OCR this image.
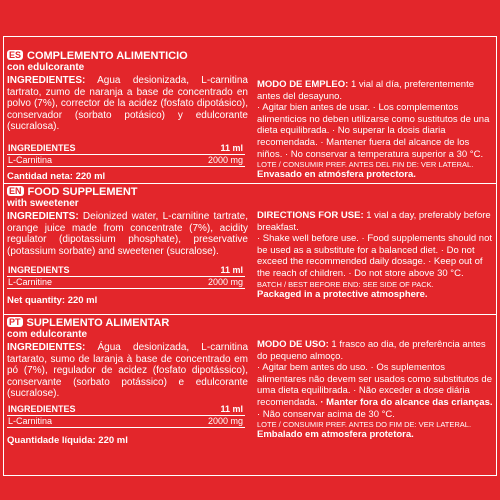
ES COMPLEMENTO ALIMENTICIO
con edulcorante
INGREDIENTES: Agua desionizada, L-carnitina tartrato, zumo de naranja a base de concentrado en polvo (7%), corrector de la acidez (fosfato dipotásico), conservador (sorbato potásico) y edulcorante (sucralosa).
INGREDIENTES	11 ml
L-Carnitina	2000 mg
Cantidad neta: 220 ml
MODO DE EMPLEO: 1 vial al día, preferentemente antes del desayuno.
· Agitar bien antes de usar. · Los complementos alimenticios no deben utilizarse como sustitutos de una dieta equilibrada. · No superar la dosis diaria recomendada. · Mantener fuera del alcance de los niños. · No conservar a temperatura superior a 30 °C.
LOTE / CONSUMIR PREF. ANTES DEL FIN DE: VER LATERAL.
Envasado en atmósfera protectora.
EN FOOD SUPPLEMENT
with sweetener
INGREDIENTS: Deionized water, L-carnitine tartrate, orange juice made from concentrate (7%), acidity regulator (dipotassium phosphate), preservative (potassium sorbate) and sweetener (sucralose).
INGREDIENTS	11 ml
L-Carnitine	2000 mg
Net quantity: 220 ml
DIRECTIONS FOR USE: 1 vial a day, preferably before breakfast.
· Shake well before use. · Food supplements should not be used as a substitute for a balanced diet. · Do not exceed the recommended daily dosage. · Keep out of the reach of children. · Do not store above 30 °C.
BATCH / BEST BEFORE END: SEE SIDE OF PACK.
Packaged in a protective atmosphere.
PT SUPLEMENTO ALIMENTAR
com edulcorante
INGREDIENTES: Água desionizada, L-carnitina tartarato, sumo de laranja à base de concentrado em pó (7%), regulador de acidez (fosfato dipotássico), conservante (sorbato potássico) e edulcorante (sucralose).
INGREDIENTES	11 ml
L-Carnitina	2000 mg
Quantidade líquida: 220 ml
MODO DE USO: 1 frasco ao dia, de preferência antes do pequeno almoço.
· Agitar bem antes do uso. · Os suplementos alimentares não devem ser usados como substitutos de uma dieta equilibrada. · Não exceder a dose diária recomendada. · Manter fora do alcance das crianças. · Não conservar acima de 30 °C.
LOTE / CONSUMIR PREF. ANTES DO FIM DE: VER LATERAL.
Embalado em atmosfera protetora.
